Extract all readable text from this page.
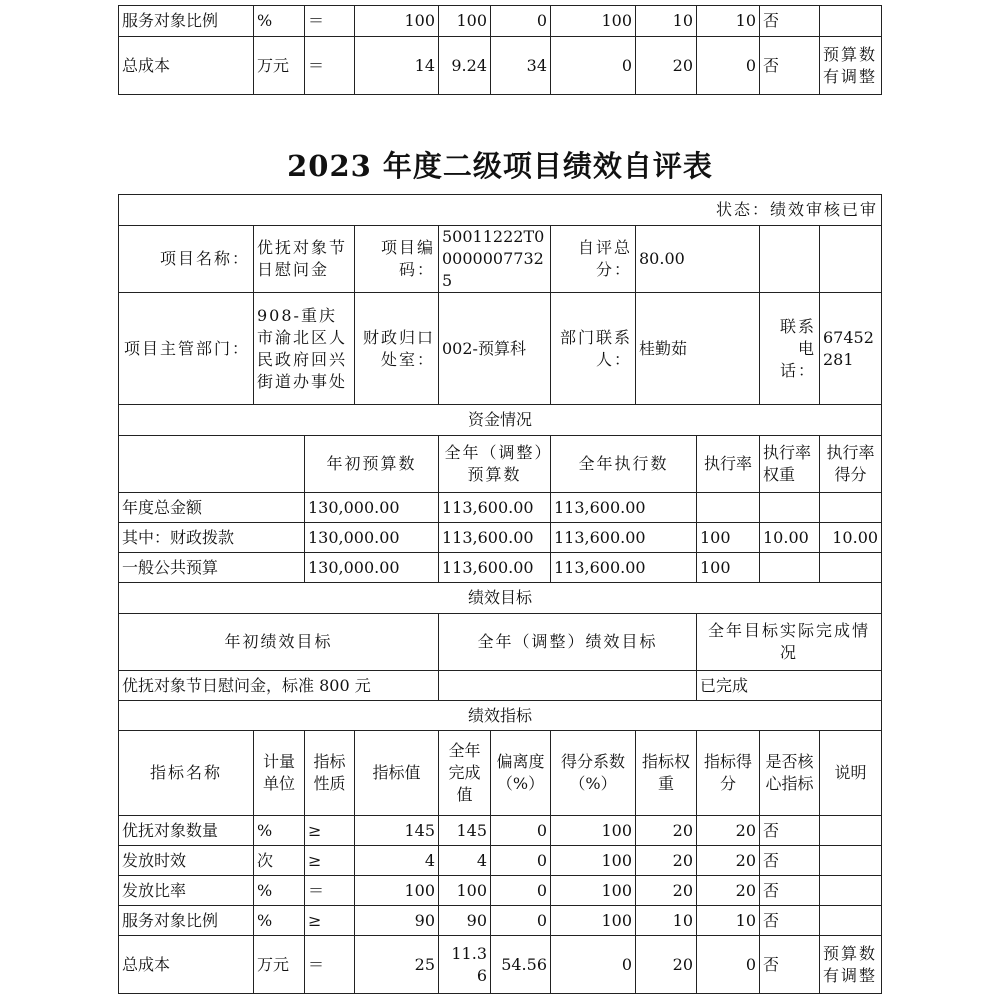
服务对象比例	%	＝	100	100	0	100	10	10	否	
总成本	万元	＝	14	9.24	34	0	20	0	否	预算数有调整
2023 年度二级项目绩效自评表
状态：绩效审核已审										
项目名称：	优抚对象节日慰问金		项目编码：	50011222T000000077325		自评总分：	80.00			
项目主管部门：	908-重庆市渝北区人民政府回兴街道办事处		财政归口处室：	002-预算科		部门联系人：	桂勤茹		联系电话：	67452281
资金情况										
		年初预算数		全年（调整）预算数		全年执行数		执行率	执行率权重	执行率得分
年度总金额		130,000.00		113,600.00		113,600.00				
其中：财政拨款		130,000.00		113,600.00		113,600.00		100	10.00	10.00
一般公共预算		130,000.00		113,600.00		113,600.00		100		
绩效目标										
年初绩效目标				全年（调整）绩效目标				全年目标实际完成情况		
优抚对象节日慰问金，标准 800 元								已完成		
绩效指标										
指标名称	计量单位	指标性质	指标值	全年完成值	偏离度（%）	得分系数（%）	指标权重	指标得分	是否核心指标	说明
优抚对象数量	%	≥	145	145	0	100	20	20	否	
发放时效	次	≥	4	4	0	100	20	20	否	
发放比率	%	＝	100	100	0	100	20	20	否	
服务对象比例	%	≥	90	90	0	100	10	10	否	
总成本	万元	＝	25	11.36	54.56	0	20	0	否	预算数有调整
